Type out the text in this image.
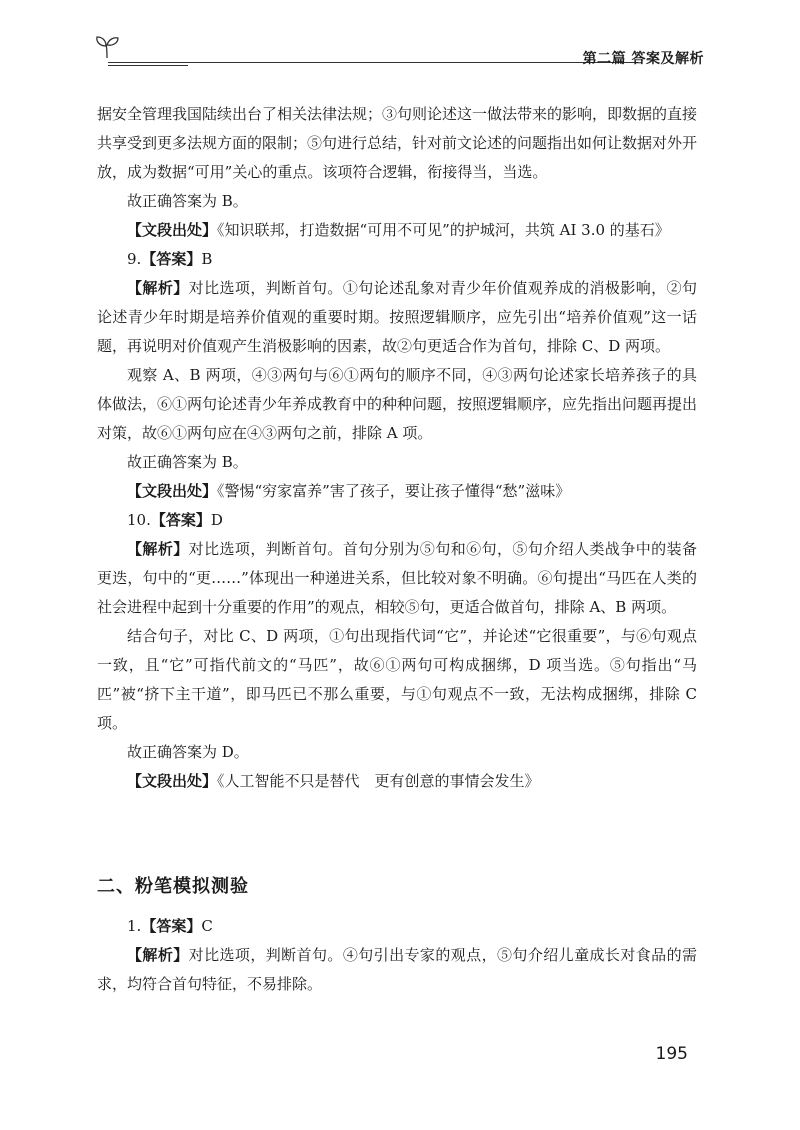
第二篇 答案及解析

据安全管理我国陆续出台了相关法律法规；③句则论述这一做法带来的影响，即数据的直接共享受到更多法规方面的限制；⑤句进行总结，针对前文论述的问题指出如何让数据对外开放，成为数据“可用”关心的重点。该项符合逻辑，衔接得当，当选。

故正确答案为 B。

【文段出处】《知识联邦，打造数据“可用不可见”的护城河，共筑 AI 3.0 的基石》

9.【答案】B

【解析】对比选项，判断首句。①句论述乱象对青少年价值观养成的消极影响，②句论述青少年时期是培养价值观的重要时期。按照逻辑顺序，应先引出“培养价值观”这一话题，再说明对价值观产生消极影响的因素，故②句更适合作为首句，排除 C、D 两项。

观察 A、B 两项，④③两句与⑥①两句的顺序不同，④③两句论述家长培养孩子的具体做法，⑥①两句论述青少年养成教育中的种种问题，按照逻辑顺序，应先指出问题再提出对策，故⑥①两句应在④③两句之前，排除 A 项。

故正确答案为 B。

【文段出处】《警惕“穷家富养”害了孩子，要让孩子懂得“愁”滋味》

10.【答案】D

【解析】对比选项，判断首句。首句分别为⑤句和⑥句，⑤句介绍人类战争中的装备更迭，句中的“更……”体现出一种递进关系，但比较对象不明确。⑥句提出“马匹在人类的社会进程中起到十分重要的作用”的观点，相较⑤句，更适合做首句，排除 A、B 两项。

结合句子，对比 C、D 两项，①句出现指代词“它”，并论述“它很重要”，与⑥句观点一致，且“它”可指代前文的“马匹”，故⑥①两句可构成捆绑，D 项当选。⑤句指出“马匹”被“挤下主干道”，即马匹已不那么重要，与①句观点不一致，无法构成捆绑，排除 C 项。

故正确答案为 D。

【文段出处】《人工智能不只是替代　更有创意的事情会发生》

二、粉笔模拟测验

1.【答案】C

【解析】对比选项，判断首句。④句引出专家的观点，⑤句介绍儿童成长对食品的需求，均符合首句特征，不易排除。

195
